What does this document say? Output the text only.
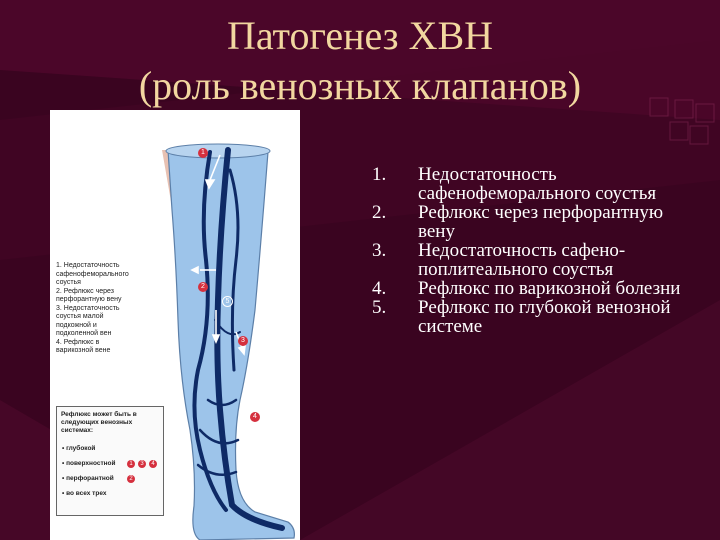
Патогенез ХВН
(роль венозных клапанов)
1
2
5
3
4
1. Недостаточность сафенофеморального соустья
2. Рефлюкс через перфорантную вену
3. Недостаточность соустья малой подкожной и подколенной вен
4. Рефлюкс в варикозной вене
Рефлюкс может быть в следующих венозных системах:
• глубокой
• поверхностной	1	3	4
• перфорантной	2
• во всех трех
1. Недостаточность сафенофеморального соустья
2. Рефлюкс через перфорантную вену
3. Недостаточность сафено-поплитеального соустья
4. Рефлюкс по варикозной болезни
5. Рефлюкс по глубокой венозной системе
